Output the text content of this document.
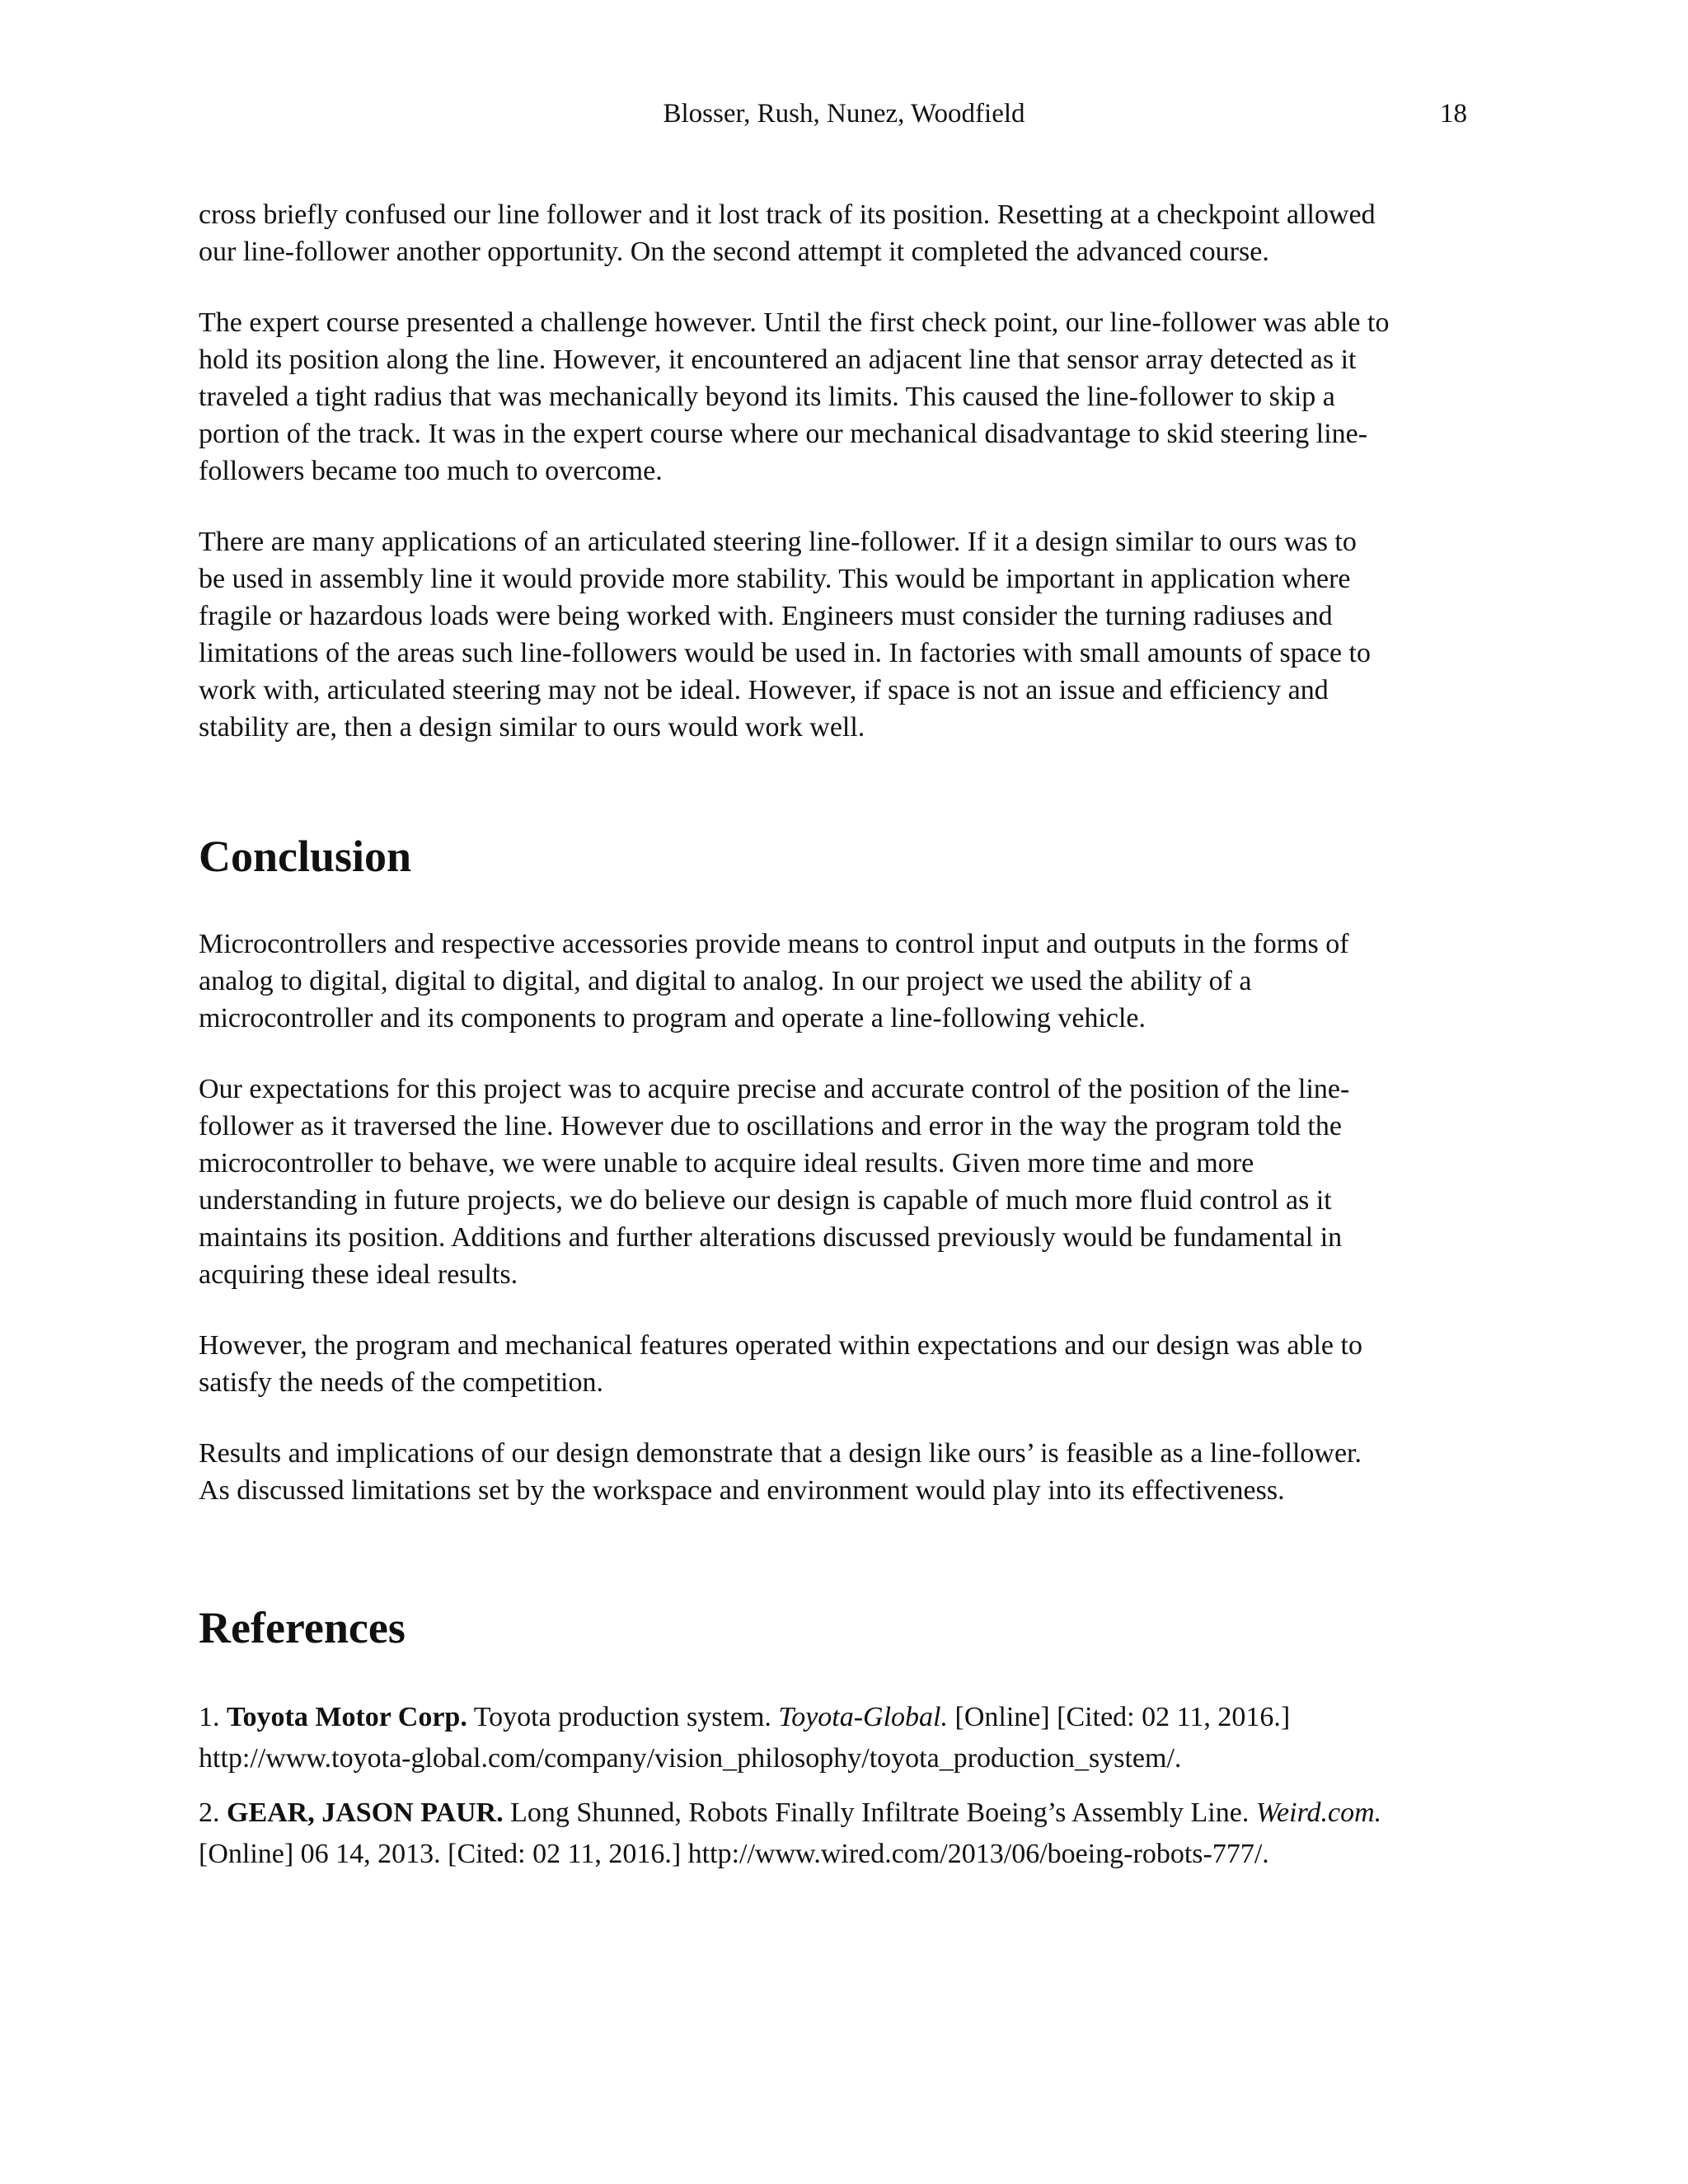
Blosser, Rush, Nunez, Woodfield	18

cross briefly confused our line follower and it lost track of its position. Resetting at a checkpoint allowed
our line-follower another opportunity. On the second attempt it completed the advanced course.

The expert course presented a challenge however. Until the first check point, our line-follower was able to
hold its position along the line. However, it encountered an adjacent line that sensor array detected as it
traveled a tight radius that was mechanically beyond its limits. This caused the line-follower to skip a
portion of the track. It was in the expert course where our mechanical disadvantage to skid steering line-
followers became too much to overcome.

There are many applications of an articulated steering line-follower. If it a design similar to ours was to
be used in assembly line it would provide more stability. This would be important in application where
fragile or hazardous loads were being worked with. Engineers must consider the turning radiuses and
limitations of the areas such line-followers would be used in. In factories with small amounts of space to
work with, articulated steering may not be ideal. However, if space is not an issue and efficiency and
stability are, then a design similar to ours would work well.

Conclusion

Microcontrollers and respective accessories provide means to control input and outputs in the forms of
analog to digital, digital to digital, and digital to analog. In our project we used the ability of a
microcontroller and its components to program and operate a line-following vehicle.

Our expectations for this project was to acquire precise and accurate control of the position of the line-
follower as it traversed the line. However due to oscillations and error in the way the program told the
microcontroller to behave, we were unable to acquire ideal results. Given more time and more
understanding in future projects, we do believe our design is capable of much more fluid control as it
maintains its position. Additions and further alterations discussed previously would be fundamental in
acquiring these ideal results.

However, the program and mechanical features operated within expectations and our design was able to
satisfy the needs of the competition.

Results and implications of our design demonstrate that a design like ours’ is feasible as a line-follower.
As discussed limitations set by the workspace and environment would play into its effectiveness.

References
1. Toyota Motor Corp. Toyota production system. Toyota-Global. [Online] [Cited: 02 11, 2016.]
http://www.toyota-global.com/company/vision_philosophy/toyota_production_system/.
2. GEAR, JASON PAUR. Long Shunned, Robots Finally Infiltrate Boeing’s Assembly Line. Weird.com.
[Online] 06 14, 2013. [Cited: 02 11, 2016.] http://www.wired.com/2013/06/boeing-robots-777/.
